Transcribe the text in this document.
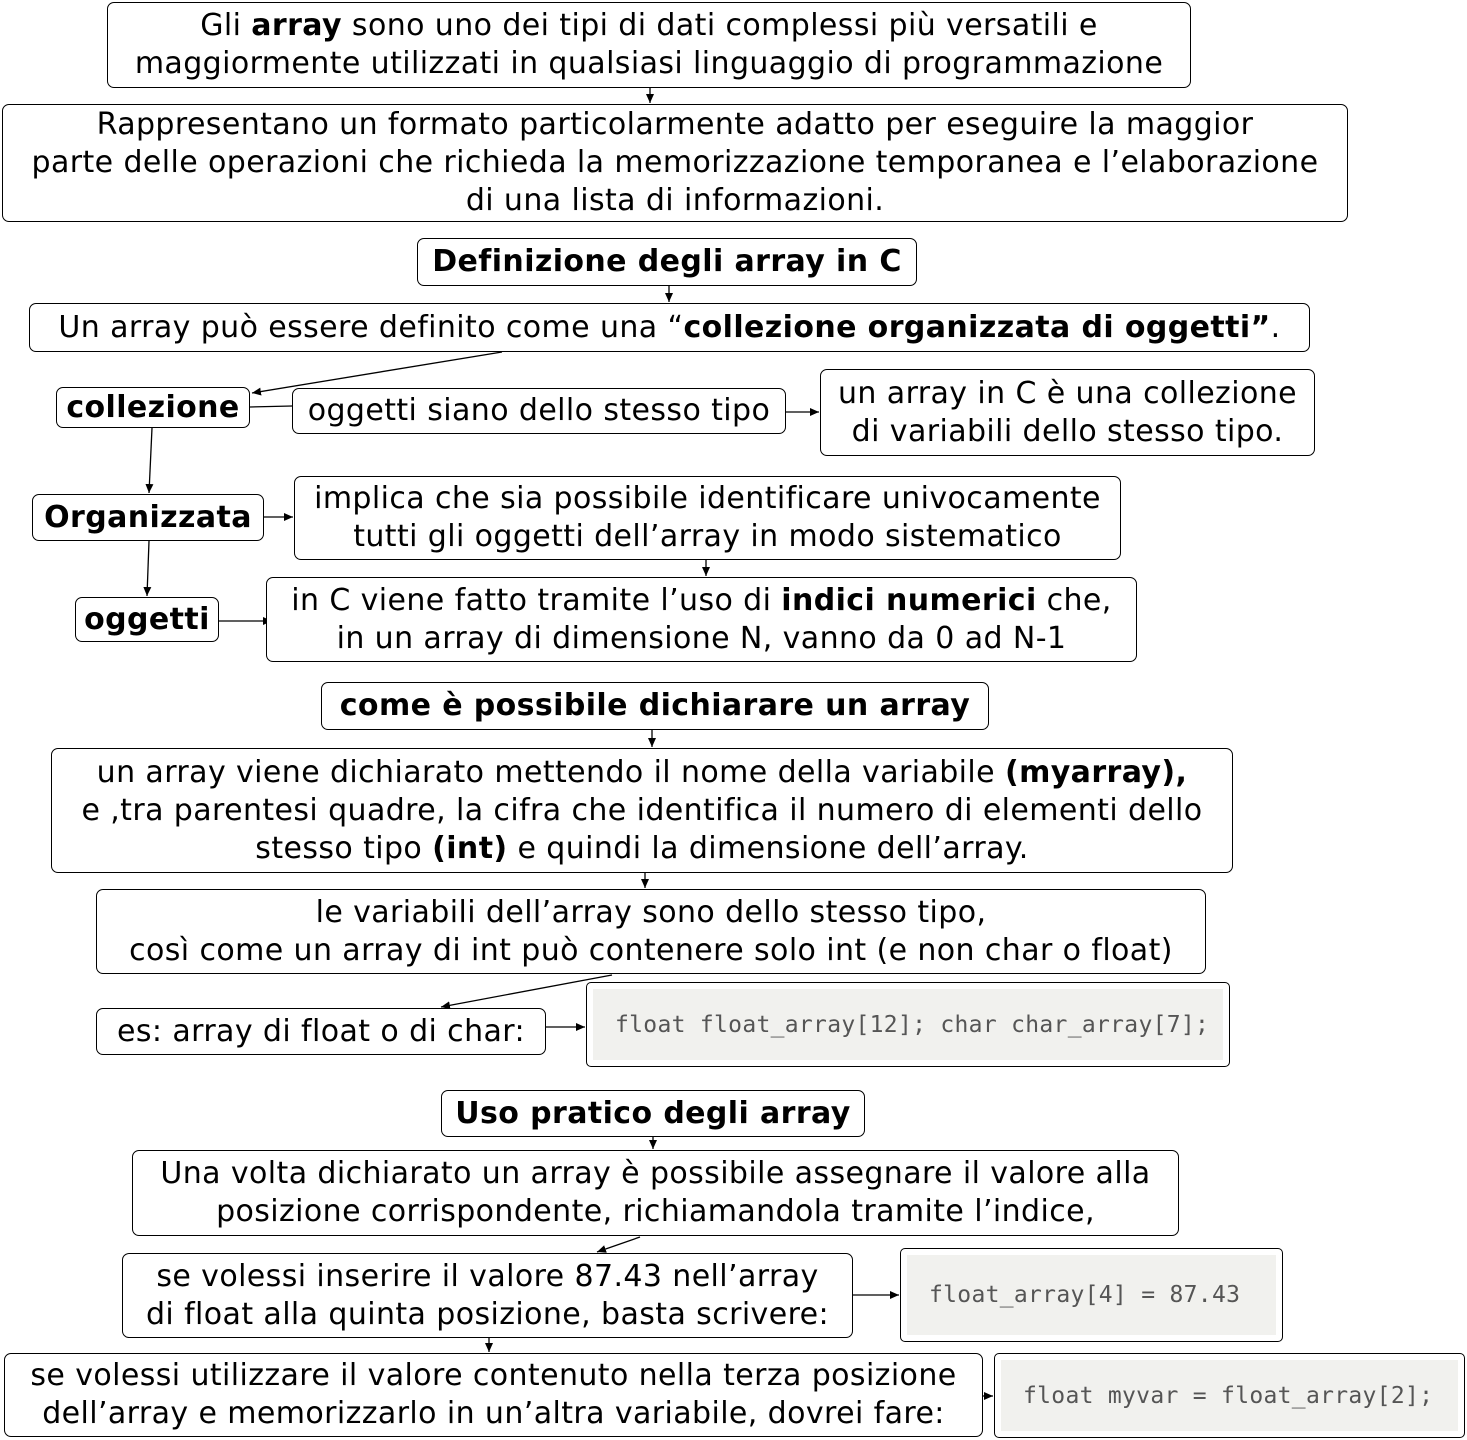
Gli array sono uno dei tipi di dati complessi più versatili e
maggiormente utilizzati in qualsiasi linguaggio di programmazione
Rappresentano un formato particolarmente adatto per eseguire la maggior
parte delle operazioni che richieda la memorizzazione temporanea e l’elaborazione
di una lista di informazioni.
Definizione degli array in C
Un array può essere definito come una “collezione organizzata di oggetti”.
collezione oggetti siano dello stesso tipo un array in C è una collezione
di variabili dello stesso tipo.
Organizzata
implica che sia possibile identificare univocamente
tutti gli oggetti dell’array in modo sistematico
oggetti
in C viene fatto tramite l’uso di indici numerici che,
in un array di dimensione N, vanno da 0 ad N-1
come è possibile dichiarare un array
un array viene dichiarato mettendo il nome della variabile (myarray),
e ,tra parentesi quadre, la cifra che identifica il numero di elementi dello
stesso tipo (int) e quindi la dimensione dell’array.
le variabili dell’array sono dello stesso tipo,
così come un array di int può contenere solo int (e non char o float)
es: array di float o di char:	float float_array[12]; char char_array[7];
Uso pratico degli array
Una volta dichiarato un array è possibile assegnare il valore alla
posizione corrispondente, richiamandola tramite l’indice,
se volessi inserire il valore 87.43 nell’array
di float alla quinta posizione, basta scrivere:
float_array[4] = 87.43
se volessi utilizzare il valore contenuto nella terza posizione
dell’array e memorizzarlo in un’altra variabile, dovrei fare:
float myvar = float_array[2];
